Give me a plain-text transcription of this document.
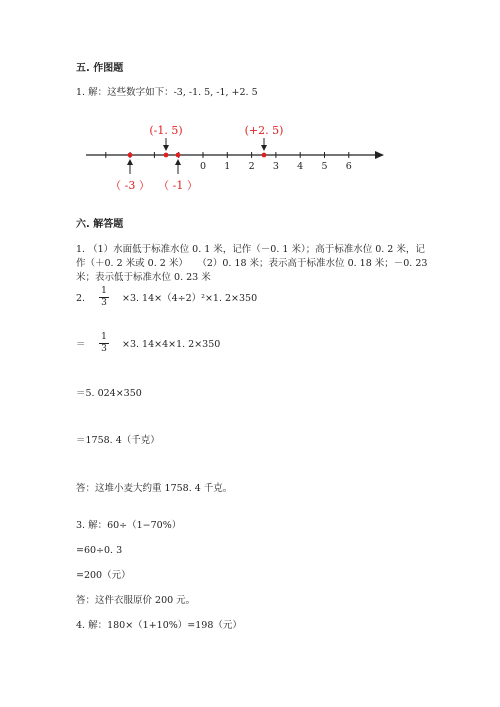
五. 作图题
1. 解：这些数字如下：-3, -1. 5, -1, +2. 5
0 1 2 3 4 5 6
(-1. 5)	(+2. 5)
（ -3 ） （ -1 ）
六. 解答题
1. （1）水面低于标准水位 0. 1 米，记作（－0. 1 米）；高于标准水位 0. 2 米，记
作（＋0. 2 米或 0. 2 米）　　（2）0. 18 米；表示高于标准水位 0. 18 米；－0. 23
米；表示低于标准水位 0. 23 米
2. $\frac{1}{3} \times 3$. 14×（4÷2）²×1. 2×350
＝ $\frac{1}{3} \times 3$. 14×4×1. 2×350
＝5. 024×350
＝1758. 4（千克）
答：这堆小麦大约重 1758. 4 千克。
3. 解：60÷（1−70%）
=60÷0. 3
=200（元）
答：这件衣服原价 200 元。
4. 解：180×（1+10%）=198（元）
